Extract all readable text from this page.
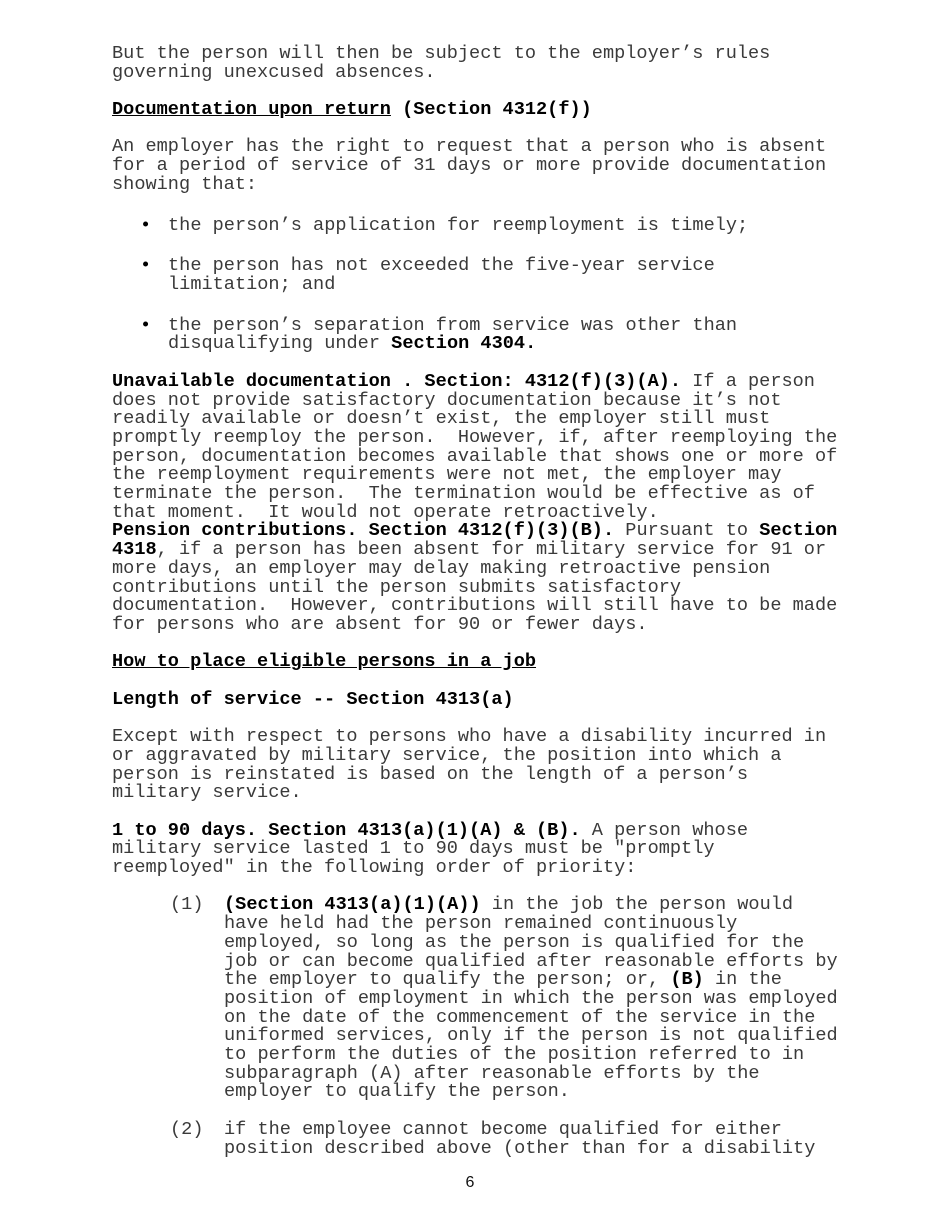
But the person will then be subject to the employer’s rules

governing unexcused absences.

Documentation upon return (Section 4312(f))

An employer has the right to request that a person who is absent

for a period of service of 31 days or more provide documentation

showing that:

• the person’s application for reemployment is timely;

• the person has not exceeded the five-year service

limitation; and

• the person’s separation from service was other than

disqualifying under Section 4304.

Unavailable documentation . Section: 4312(f)(3)(A). If a person

does not provide satisfactory documentation because it’s not

readily available or doesn’t exist, the employer still must

promptly reemploy the person.  However, if, after reemploying the

person, documentation becomes available that shows one or more of

the reemployment requirements were not met, the employer may

terminate the person.  The termination would be effective as of

that moment.  It would not operate retroactively.

Pension contributions. Section 4312(f)(3)(B). Pursuant to Section

4318, if a person has been absent for military service for 91 or

more days, an employer may delay making retroactive pension

contributions until the person submits satisfactory

documentation.  However, contributions will still have to be made

for persons who are absent for 90 or fewer days.

How to place eligible persons in a job

Length of service -- Section 4313(a)

Except with respect to persons who have a disability incurred in

or aggravated by military service, the position into which a

person is reinstated is based on the length of a person’s

military service.

1 to 90 days. Section 4313(a)(1)(A) & (B). A person whose

military service lasted 1 to 90 days must be "promptly

reemployed" in the following order of priority:

(1) (Section 4313(a)(1)(A)) in the job the person would

have held had the person remained continuously

employed, so long as the person is qualified for the

job or can become qualified after reasonable efforts by

the employer to qualify the person; or, (B) in the

position of employment in which the person was employed

on the date of the commencement of the service in the

uniformed services, only if the person is not qualified

to perform the duties of the position referred to in

subparagraph (A) after reasonable efforts by the

employer to qualify the person.

(2) if the employee cannot become qualified for either

position described above (other than for a disability

6
